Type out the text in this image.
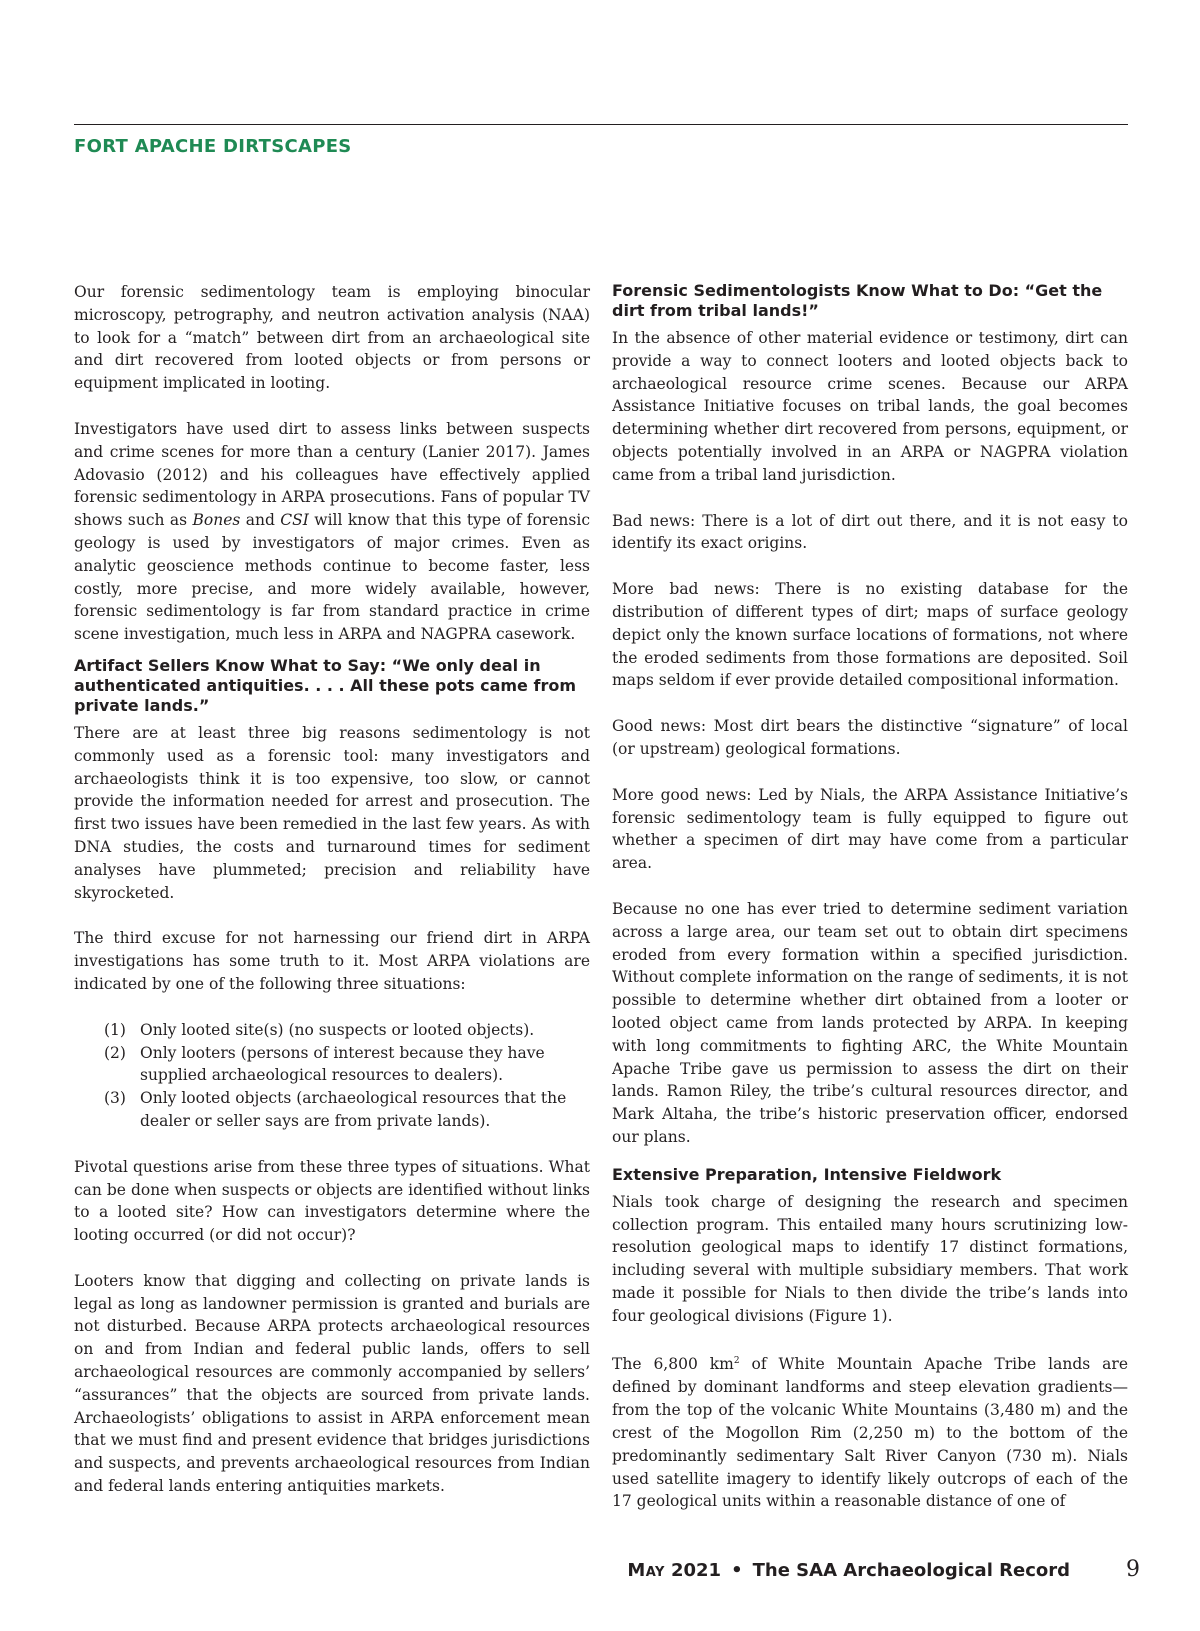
FORT APACHE DIRTSCAPES

Our forensic sedimentology team is employing binocular microscopy, petrography, and neutron activation analysis (NAA) to look for a “match” between dirt from an archaeological site and dirt recovered from looted objects or from persons or equipment implicated in looting.

Investigators have used dirt to assess links between suspects and crime scenes for more than a century (Lanier 2017). James Adovasio (2012) and his colleagues have effectively applied forensic sedimentology in ARPA prosecutions. Fans of popular TV shows such as Bones and CSI will know that this type of forensic geology is used by investigators of major crimes. Even as analytic geoscience methods continue to become faster, less costly, more precise, and more widely available, however, forensic sedimentology is far from standard practice in crime scene investigation, much less in ARPA and NAGPRA casework.

Artifact Sellers Know What to Say: “We only deal in authenticated antiquities. . . . All these pots came from private lands.”

There are at least three big reasons sedimentology is not commonly used as a forensic tool: many investigators and archaeologists think it is too expensive, too slow, or cannot provide the information needed for arrest and prosecution. The first two issues have been remedied in the last few years. As with DNA studies, the costs and turnaround times for sediment analyses have plummeted; precision and reliability have skyrocketed.

The third excuse for not harnessing our friend dirt in ARPA investigations has some truth to it. Most ARPA violations are indicated by one of the following three situations:

(1) Only looted site(s) (no suspects or looted objects).
(2) Only looters (persons of interest because they have supplied archaeological resources to dealers).
(3) Only looted objects (archaeological resources that the dealer or seller says are from private lands).

Pivotal questions arise from these three types of situations. What can be done when suspects or objects are identified without links to a looted site? How can investigators determine where the looting occurred (or did not occur)?

Looters know that digging and collecting on private lands is legal as long as landowner permission is granted and burials are not disturbed. Because ARPA protects archaeological resources on and from Indian and federal public lands, offers to sell archaeological resources are commonly accompanied by sellers’ “assurances” that the objects are sourced from private lands. Archaeologists’ obligations to assist in ARPA enforcement mean that we must find and present evidence that bridges jurisdictions and suspects, and prevents archaeological resources from Indian and federal lands entering antiquities markets.

Forensic Sedimentologists Know What to Do: “Get the dirt from tribal lands!”

In the absence of other material evidence or testimony, dirt can provide a way to connect looters and looted objects back to archaeological resource crime scenes. Because our ARPA Assistance Initiative focuses on tribal lands, the goal becomes determining whether dirt recovered from persons, equipment, or objects potentially involved in an ARPA or NAGPRA violation came from a tribal land jurisdiction.

Bad news: There is a lot of dirt out there, and it is not easy to identify its exact origins.

More bad news: There is no existing database for the distribution of different types of dirt; maps of surface geology depict only the known surface locations of formations, not where the eroded sediments from those formations are deposited. Soil maps seldom if ever provide detailed compositional information.

Good news: Most dirt bears the distinctive “signature” of local (or upstream) geological formations.

More good news: Led by Nials, the ARPA Assistance Initiative’s forensic sedimentology team is fully equipped to figure out whether a specimen of dirt may have come from a particular area.

Because no one has ever tried to determine sediment variation across a large area, our team set out to obtain dirt specimens eroded from every formation within a specified jurisdiction. Without complete information on the range of sediments, it is not possible to determine whether dirt obtained from a looter or looted object came from lands protected by ARPA. In keeping with long commitments to fighting ARC, the White Mountain Apache Tribe gave us permission to assess the dirt on their lands. Ramon Riley, the tribe’s cultural resources director, and Mark Altaha, the tribe’s historic preservation officer, endorsed our plans.

Extensive Preparation, Intensive Fieldwork

Nials took charge of designing the research and specimen collection program. This entailed many hours scrutinizing low-resolution geological maps to identify 17 distinct formations, including several with multiple subsidiary members. That work made it possible for Nials to then divide the tribe’s lands into four geological divisions (Figure 1).

The 6,800 $km^2$ of White Mountain Apache Tribe lands are defined by dominant landforms and steep elevation gradients—from the top of the volcanic White Mountains (3,480 m) and the crest of the Mogollon Rim (2,250 m) to the bottom of the predominantly sedimentary Salt River Canyon (730 m). Nials used satellite imagery to identify likely outcrops of each of the 17 geological units within a reasonable distance of one of

May 2021 • The SAA Archaeological Record	9
